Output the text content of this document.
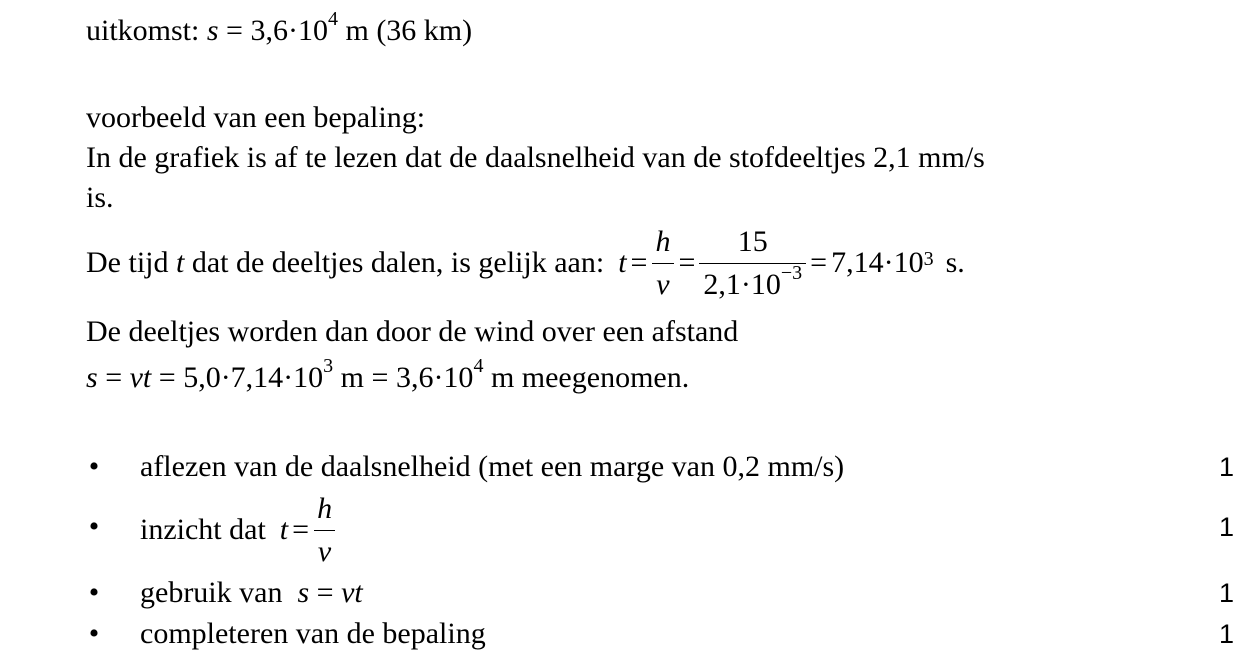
uitkomst: $s = 3,6\cdot 10^4$ m (36 km)
voorbeeld van een bepaling:
In de grafiek is af te lezen dat de daalsnelheid van de stofdeeltjes 2,1 mm/s
is.
De tijd
t
dat de deeltjes dalen, is gelijk aan: $t = \frac{h}{v} = \frac{15}{2,1\cdot 10^{-3}} = 7,14\cdot 10^3$ s.
De deeltjes worden dan door de wind over een afstand
s = vt = $5,0\cdot 7,14\cdot 10^3$ $m = 3,6\cdot 10^4$ m meegenomen.
• aflezen van de daalsnelheid (met een marge van 0,2 mm/s)	1
• inzicht dat $t = \frac{h}{v}$	1
• gebruik van s = vt	1
• completeren van de bepaling	1
